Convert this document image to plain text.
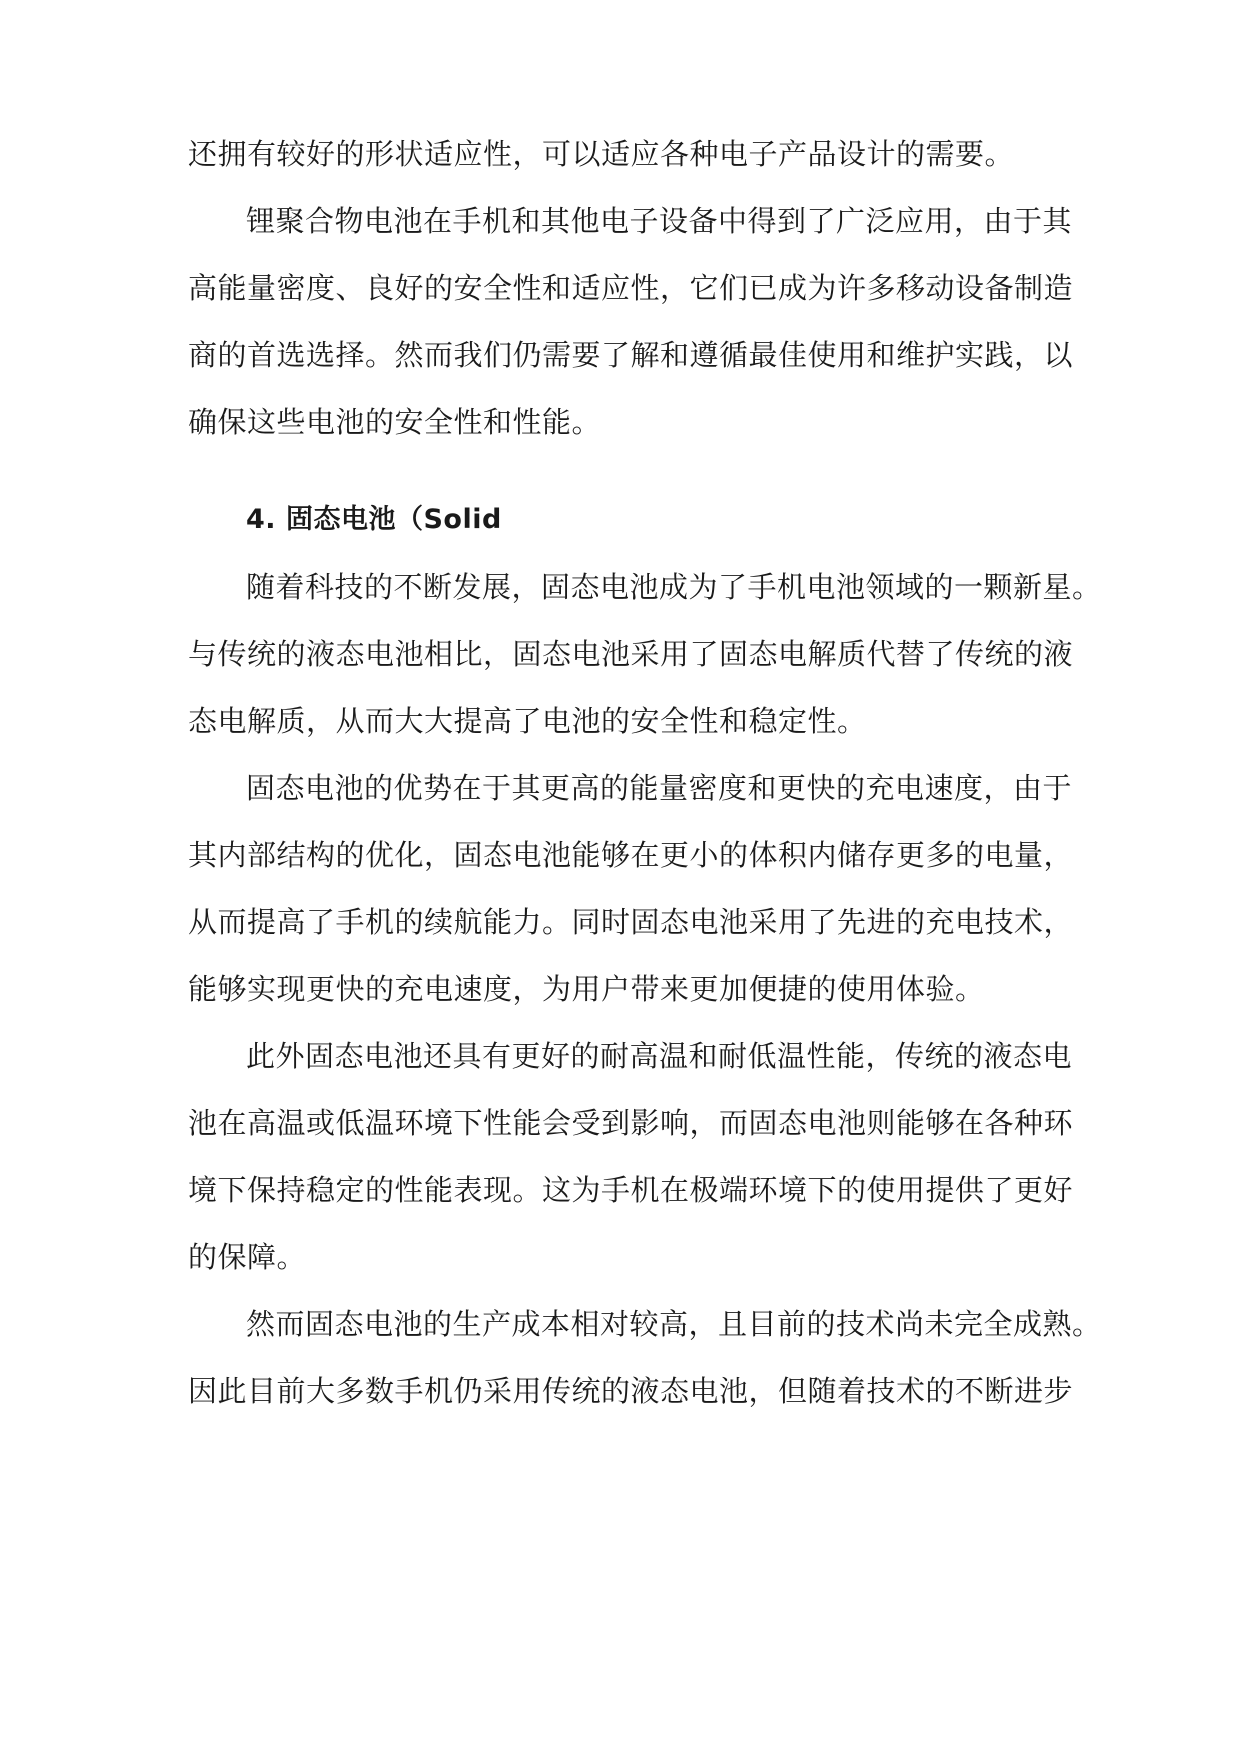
还拥有较好的形状适应性，可以适应各种电子产品设计的需要。
锂聚合物电池在手机和其他电子设备中得到了广泛应用，由于其
高能量密度、良好的安全性和适应性，它们已成为许多移动设备制造
商的首选选择。然而我们仍需要了解和遵循最佳使用和维护实践，以
确保这些电池的安全性和性能。
4. 固态电池（Solid
随着科技的不断发展，固态电池成为了手机电池领域的一颗新星。
与传统的液态电池相比，固态电池采用了固态电解质代替了传统的液
态电解质，从而大大提高了电池的安全性和稳定性。
固态电池的优势在于其更高的能量密度和更快的充电速度，由于
其内部结构的优化，固态电池能够在更小的体积内储存更多的电量，
从而提高了手机的续航能力。同时固态电池采用了先进的充电技术，
能够实现更快的充电速度，为用户带来更加便捷的使用体验。
此外固态电池还具有更好的耐高温和耐低温性能，传统的液态电
池在高温或低温环境下性能会受到影响，而固态电池则能够在各种环
境下保持稳定的性能表现。这为手机在极端环境下的使用提供了更好
的保障。
然而固态电池的生产成本相对较高，且目前的技术尚未完全成熟。
因此目前大多数手机仍采用传统的液态电池，但随着技术的不断进步
